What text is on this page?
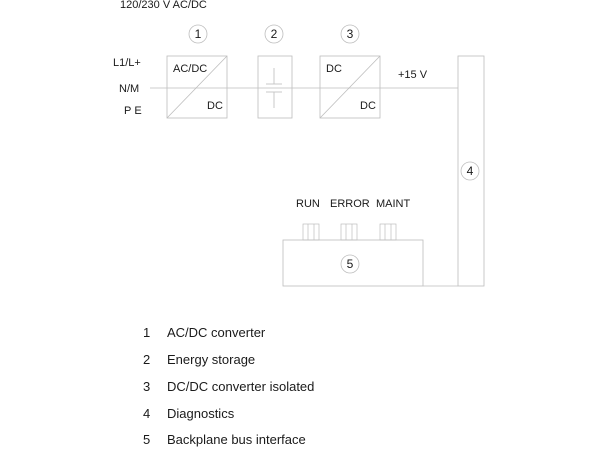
120/230 V AC/DC
1	2	3
L1/L+
N/M
PE
AC/DC
DC
DC
DC
+15 V
4
RUN ERROR MAINT
5
1 AC/DC converter
2 Energy storage
3 DC/DC converter isolated
4 Diagnostics
5 Backplane bus interface
